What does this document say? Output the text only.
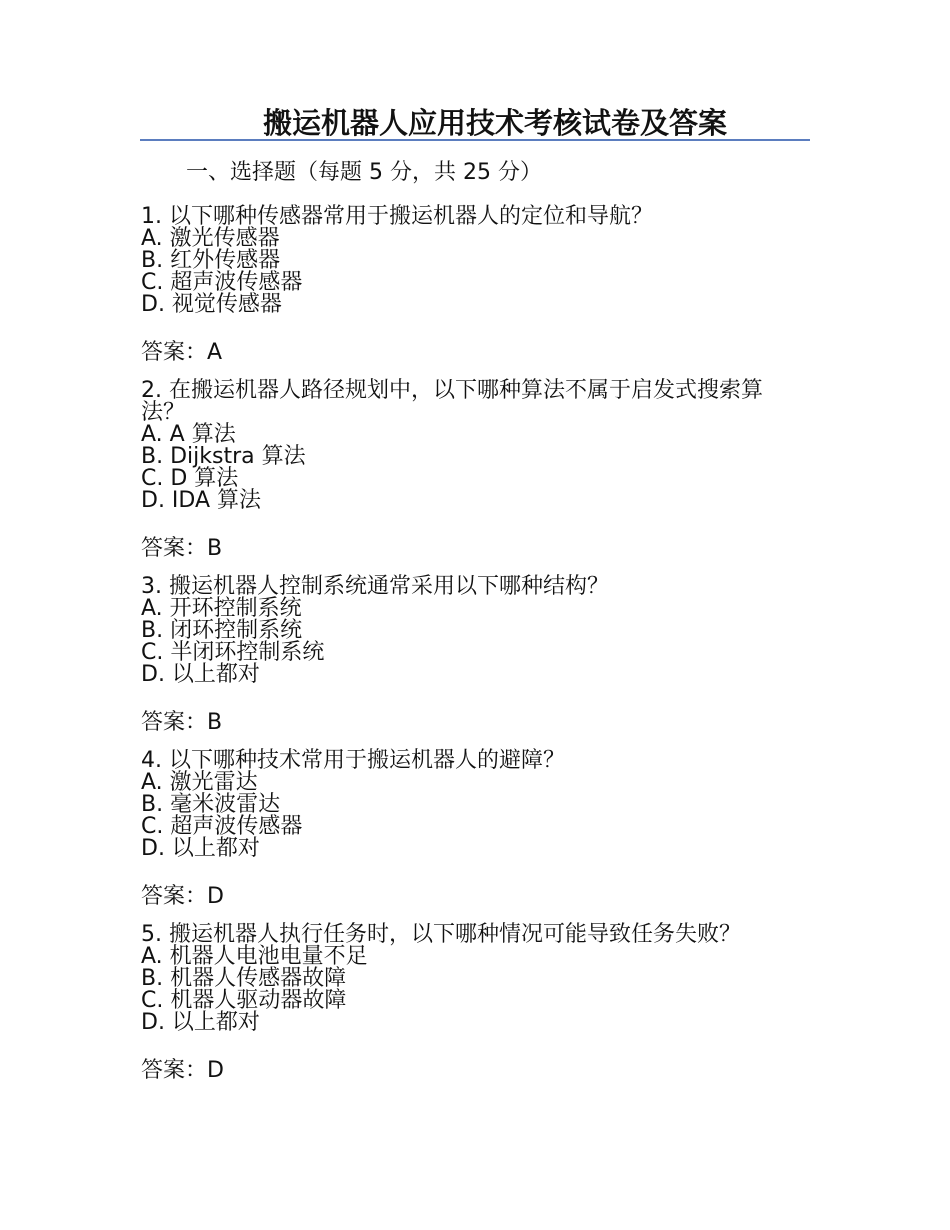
搬运机器人应用技术考核试卷及答案
一、选择题（每题 5 分，共 25 分）
1. 以下哪种传感器常用于搬运机器人的定位和导航？
A. 激光传感器
B. 红外传感器
C. 超声波传感器
D. 视觉传感器
答案：A
2. 在搬运机器人路径规划中，以下哪种算法不属于启发式搜索算法？
A. A 算法
B. Dijkstra 算法
C. D 算法
D. IDA 算法
答案：B
3. 搬运机器人控制系统通常采用以下哪种结构？
A. 开环控制系统
B. 闭环控制系统
C. 半闭环控制系统
D. 以上都对
答案：B
4. 以下哪种技术常用于搬运机器人的避障？
A. 激光雷达
B. 毫米波雷达
C. 超声波传感器
D. 以上都对
答案：D
5. 搬运机器人执行任务时，以下哪种情况可能导致任务失败？
A. 机器人电池电量不足
B. 机器人传感器故障
C. 机器人驱动器故障
D. 以上都对
答案：D
